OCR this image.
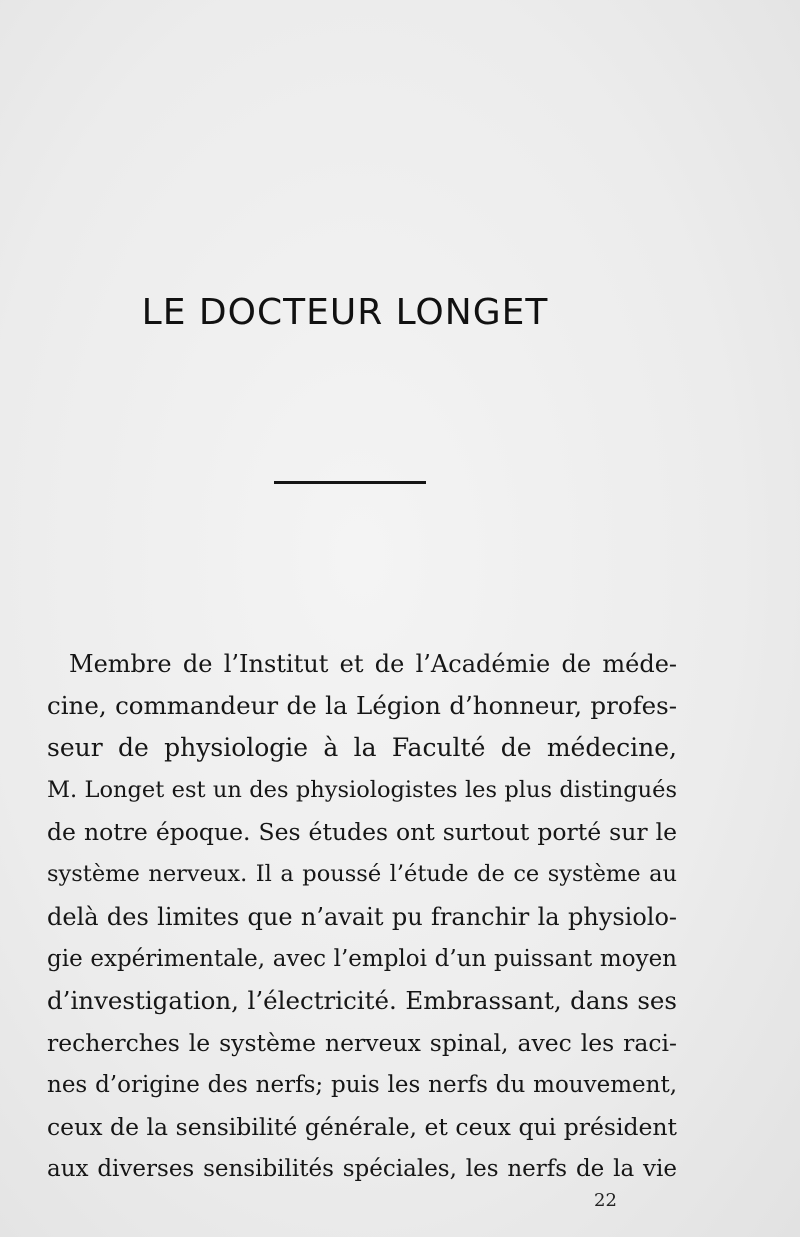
LE DOCTEUR LONGET
Membre de l’Institut et de l’Académie de méde-
cine, commandeur de la Légion d’honneur, profes-
seur de physiologie à la Faculté de médecine,
M. Longet est un des physiologistes les plus distingués
de notre époque. Ses études ont surtout porté sur le
système nerveux. Il a poussé l’étude de ce système au
delà des limites que n’avait pu franchir la physiolo-
gie expérimentale, avec l’emploi d’un puissant moyen
d’investigation, l’électricité. Embrassant, dans ses
recherches le système nerveux spinal, avec les raci-
nes d’origine des nerfs; puis les nerfs du mouvement,
ceux de la sensibilité générale, et ceux qui président
aux diverses sensibilités spéciales, les nerfs de la vie
22
